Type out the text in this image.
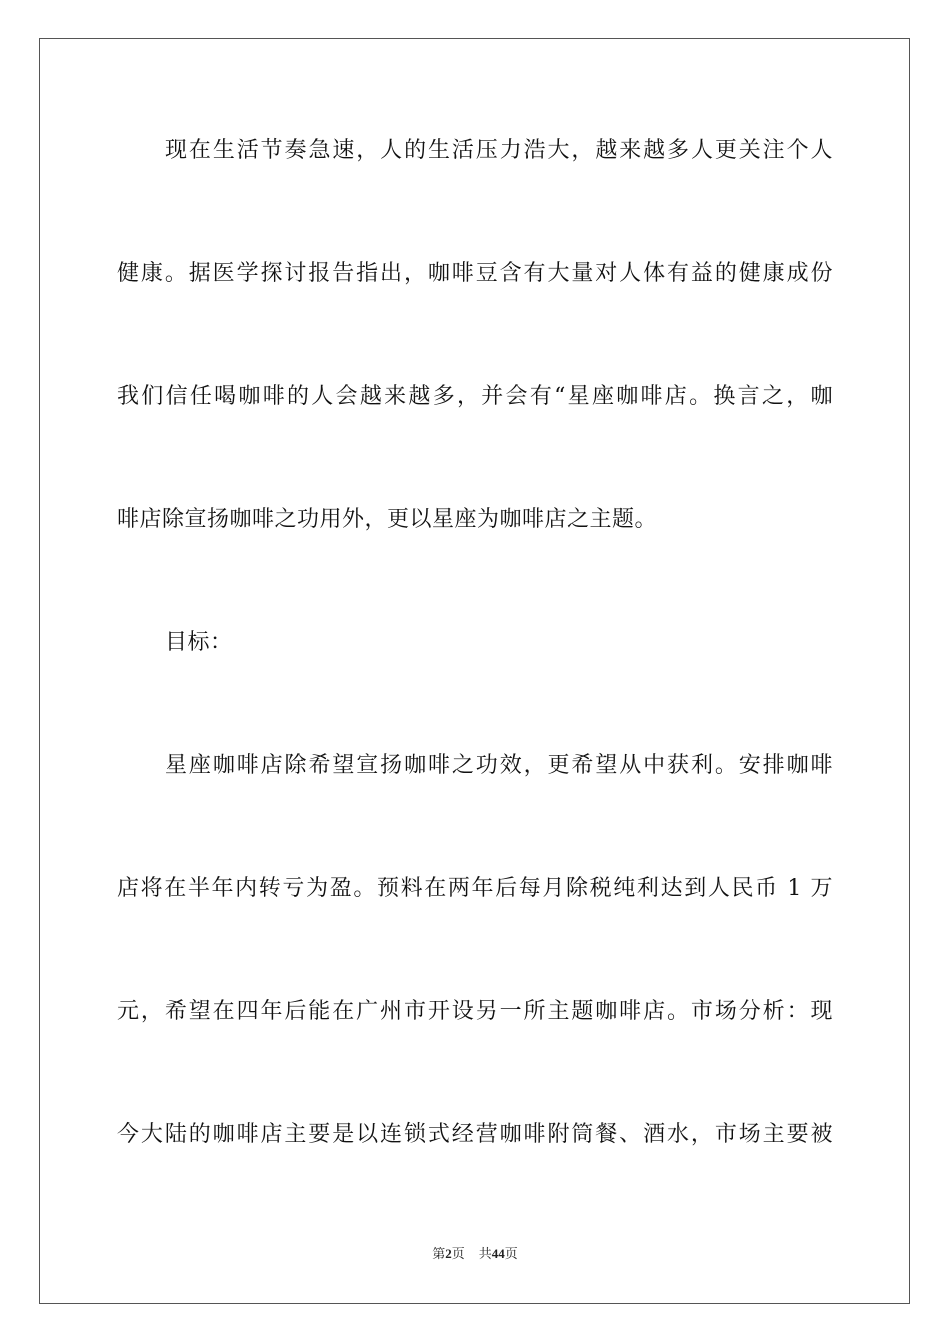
现在生活节奏急速，人的生活压力浩大，越来越多人更关注个人
健康。据医学探讨报告指出，咖啡豆含有大量对人体有益的健康成份
我们信任喝咖啡的人会越来越多，并会有“星座咖啡店。换言之，咖
啡店除宣扬咖啡之功用外，更以星座为咖啡店之主题。
目标：
星座咖啡店除希望宣扬咖啡之功效，更希望从中获利。安排咖啡
店将在半年内转亏为盈。预料在两年后每月除税纯利达到人民币 1 万
元，希望在四年后能在广州市开设另一所主题咖啡店。市场分析：现
今大陆的咖啡店主要是以连锁式经营咖啡附筒餐、酒水，市场主要被
第2页 共44页
